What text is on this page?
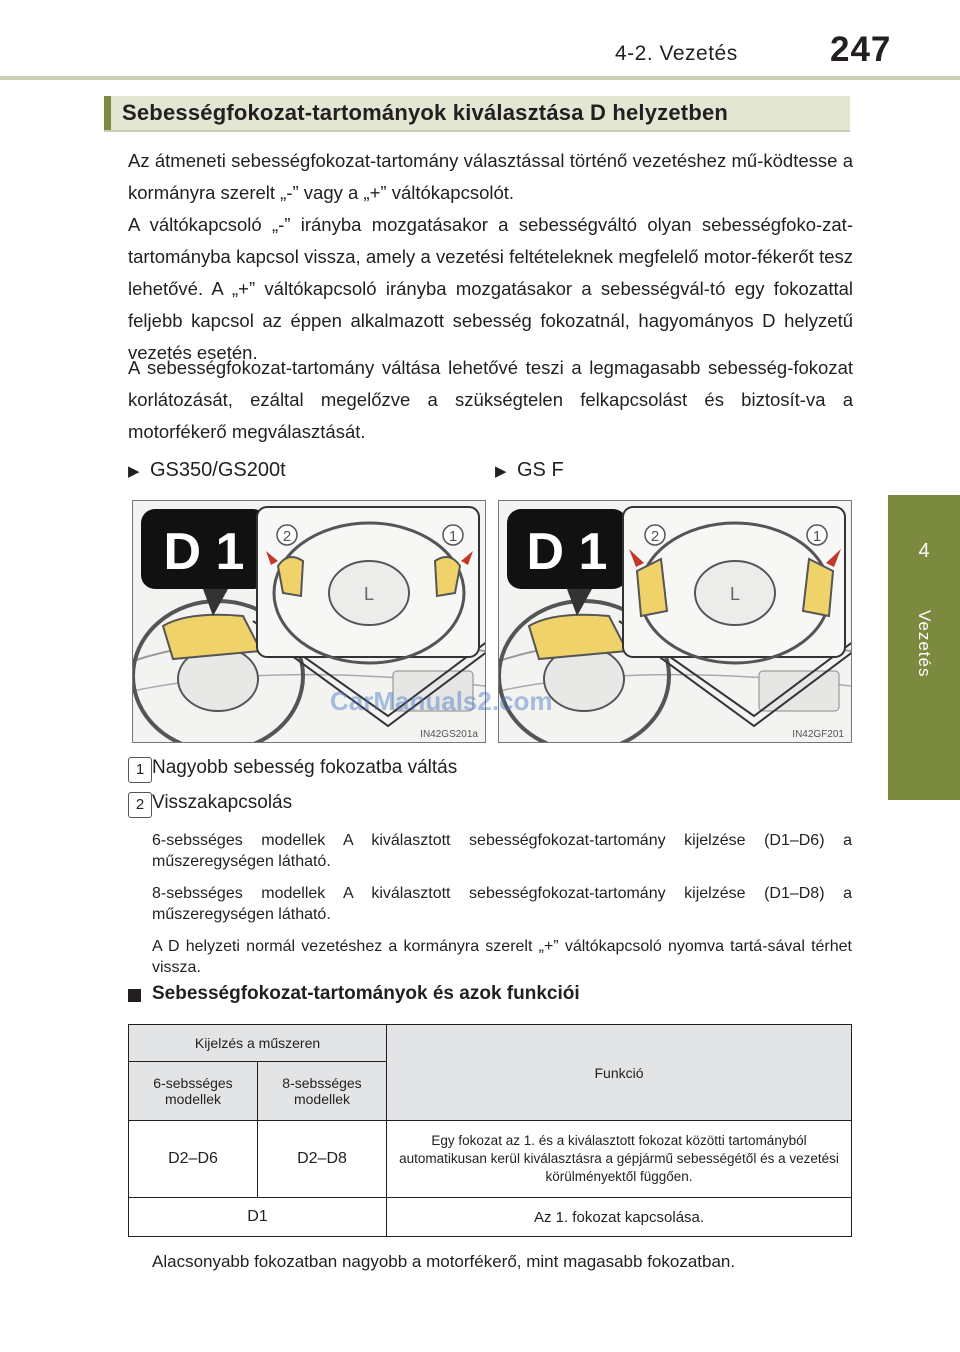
4-2. Vezetés	247
4
Vezetés
Sebességfokozat-tartományok kiválasztása D helyzetben
Az átmeneti sebességfokozat-tartomány választással történő vezetéshez mű-ködtesse a kormányra szerelt „-” vagy a „+” váltókapcsolót.
A váltókapcsoló „-” irányba mozgatásakor a sebességváltó olyan sebességfoko-zat-tartományba kapcsol vissza, amely a vezetési feltételeknek megfelelő motor-fékerőt tesz lehetővé. A „+” váltókapcsoló irányba mozgatásakor a sebességvál-tó egy fokozattal feljebb kapcsol az éppen alkalmazott sebesség fokozatnál, hagyományos D helyzetű vezetés esetén.
A sebességfokozat-tartomány váltása lehetővé teszi a legmagasabb sebesség-fokozat korlátozását, ezáltal megelőzve a szükségtelen felkapcsolást és biztosít-va a motorfékerő megválasztását.
▶ GS350/GS200t	▶ GS F
D 1
L
2	1
IN42GS201a
D 1
L
2	1
IN42GF201
CarManuals2.com
1 Nagyobb sebesség fokozatba váltás
2 Visszakapcsolás
6-sebsséges modellek A kiválasztott sebességfokozat-tartomány kijelzése (D1–D6) a műszeregységen látható.
8-sebsséges modellek A kiválasztott sebességfokozat-tartomány kijelzése (D1–D8) a műszeregységen látható.
A D helyzeti normál vezetéshez a kormányra szerelt „+” váltókapcsoló nyomva tartá-sával térhet vissza.
Sebességfokozat-tartományok és azok funkciói
Kijelzés a műszeren		Funkció
6-sebsséges modellek	8-sebsséges modellek	
D2–D6	D2–D8	Egy fokozat az 1. és a kiválasztott fokozat közötti tartományból automatikusan kerül kiválasztásra a gépjármű sebességétől és a vezetési körülményektől függően.
D1		Az 1. fokozat kapcsolása.
Alacsonyabb fokozatban nagyobb a motorfékerő, mint magasabb fokozatban.
